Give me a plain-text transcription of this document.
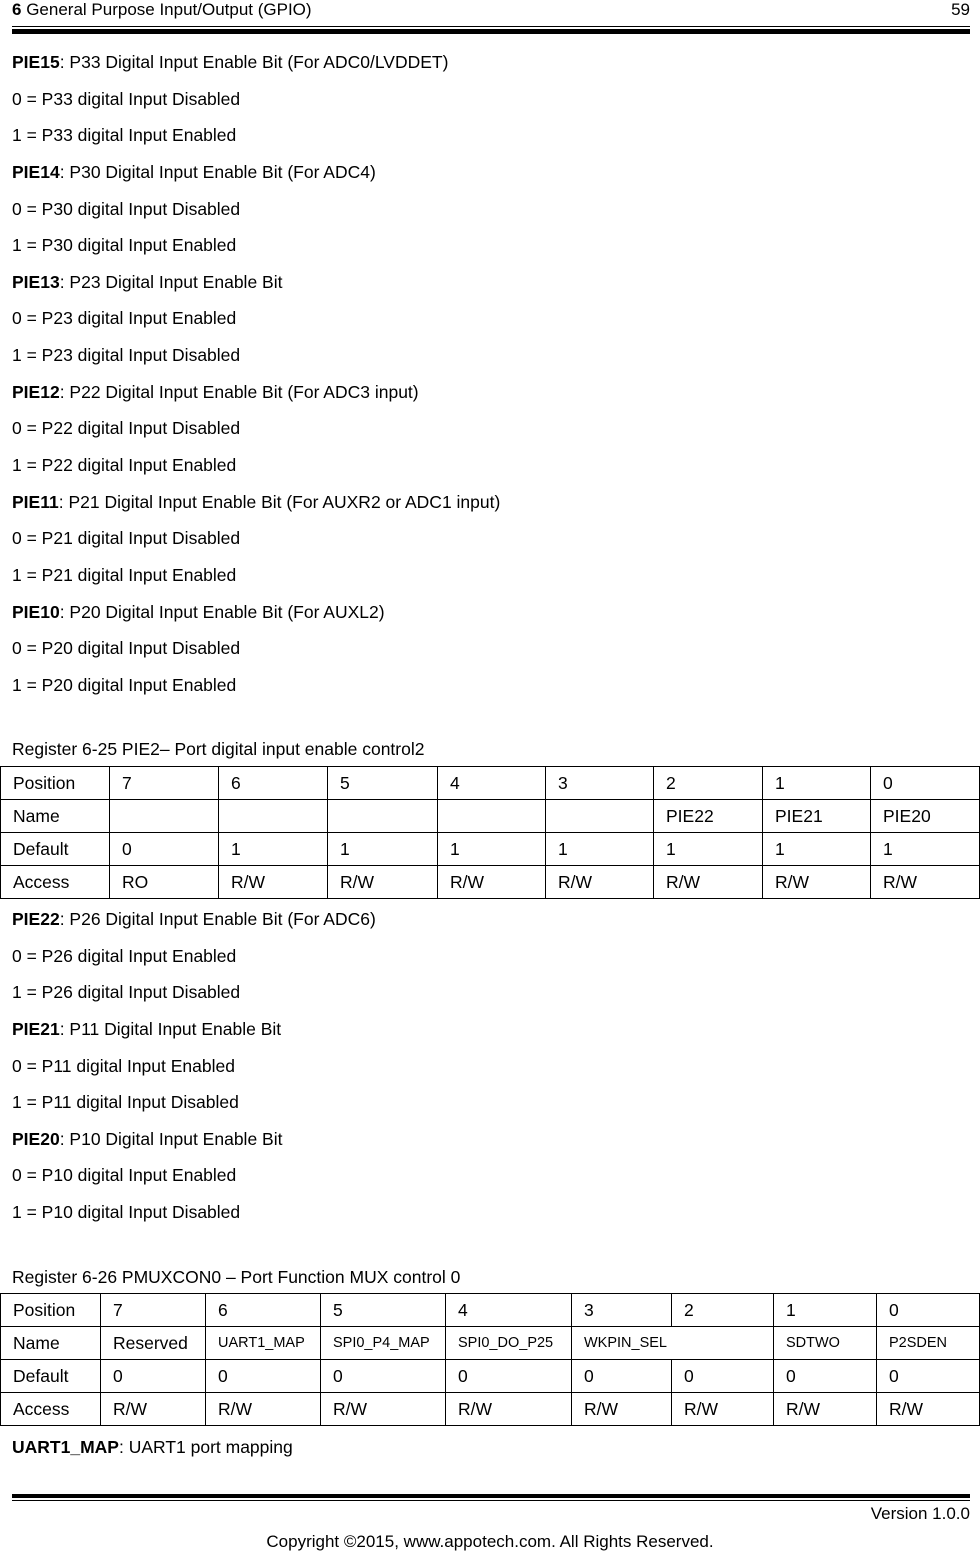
6 General Purpose Input/Output (GPIO)	59
PIE15: P33 Digital Input Enable Bit (For ADC0/LVDDET)
0 = P33 digital Input Disabled
1 = P33 digital Input Enabled
PIE14: P30 Digital Input Enable Bit (For ADC4)
0 = P30 digital Input Disabled
1 = P30 digital Input Enabled
PIE13: P23 Digital Input Enable Bit
0 = P23 digital Input Enabled
1 = P23 digital Input Disabled
PIE12: P22 Digital Input Enable Bit (For ADC3 input)
0 = P22 digital Input Disabled
1 = P22 digital Input Enabled
PIE11: P21 Digital Input Enable Bit (For AUXR2 or ADC1 input)
0 = P21 digital Input Disabled
1 = P21 digital Input Enabled
PIE10: P20 Digital Input Enable Bit (For AUXL2)
0 = P20 digital Input Disabled
1 = P20 digital Input Enabled
Register 6-25 PIE2– Port digital input enable control2
Position	7	6	5	4	3	2	1	0
Name						PIE22	PIE21	PIE20
Default	0	1	1	1	1	1	1	1
Access	RO	R/W	R/W	R/W	R/W	R/W	R/W	R/W
PIE22: P26 Digital Input Enable Bit (For ADC6)
0 = P26 digital Input Enabled
1 = P26 digital Input Disabled
PIE21: P11 Digital Input Enable Bit
0 = P11 digital Input Enabled
1 = P11 digital Input Disabled
PIE20: P10 Digital Input Enable Bit
0 = P10 digital Input Enabled
1 = P10 digital Input Disabled
Register 6-26 PMUXCON0 – Port Function MUX control 0
Position	7	6	5	4	3	2	1	0
Name	Reserved	UART1_MAP	SPI0_P4_MAP	SPI0_DO_P25	WKPIN_SEL		SDTWO	P2SDEN
Default	0	0	0	0	0	0	0	0
Access	R/W	R/W	R/W	R/W	R/W	R/W	R/W	R/W
UART1_MAP: UART1 port mapping
Version 1.0.0
Copyright ©2015, www.appotech.com. All Rights Reserved.
